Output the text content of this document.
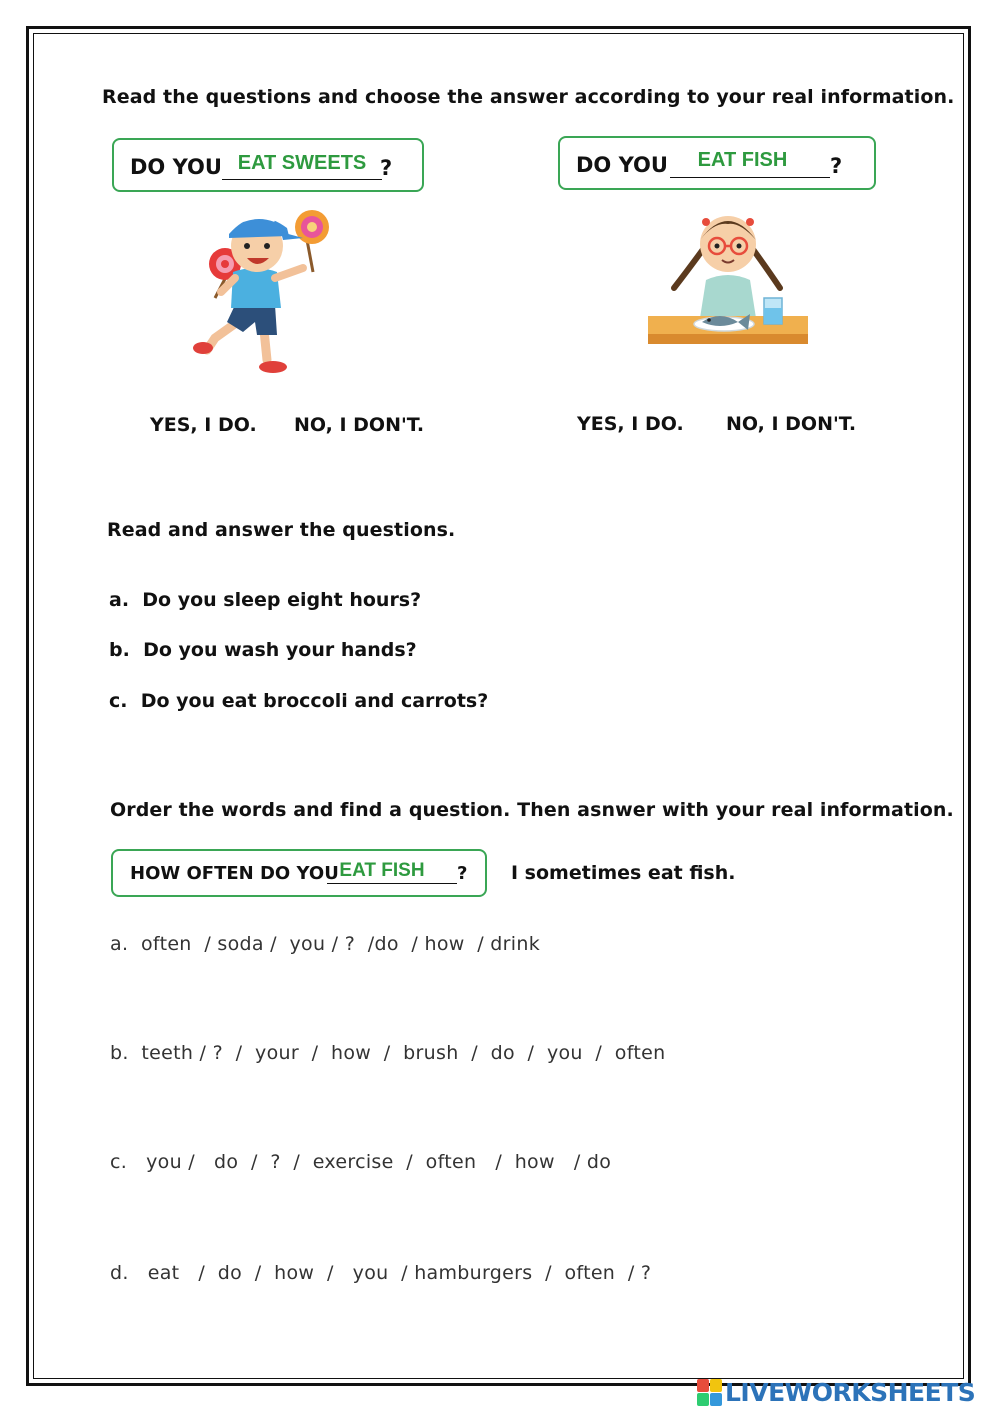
Read the questions and choose the answer according to your real information.
DO YOU EAT SWEETS ?	DO YOU	EAT FISH	?
YES, I DO. NO, I DON'T.	YES, I DO. NO, I DON'T.
Read and answer the questions.
a. Do you sleep eight hours?
b. Do you wash your hands?
c. Do you eat broccoli and carrots?
Order the words and find a question. Then asnwer with your real information.
HOW OFTEN DO YOU EAT FISH	? I sometimes eat fish.
a. often  / soda /  you / ?  /do  / how  / drink
b. teeth / ?  /  your  /  how  /  brush  /  do  /  you  /  often
c.   you /   do  /  ?  /  exercise  /  often   /  how   / do
d.   eat   /  do  /  how  /   you  / hamburgers  /  often  / ?
LIVEWORKSHEETS
